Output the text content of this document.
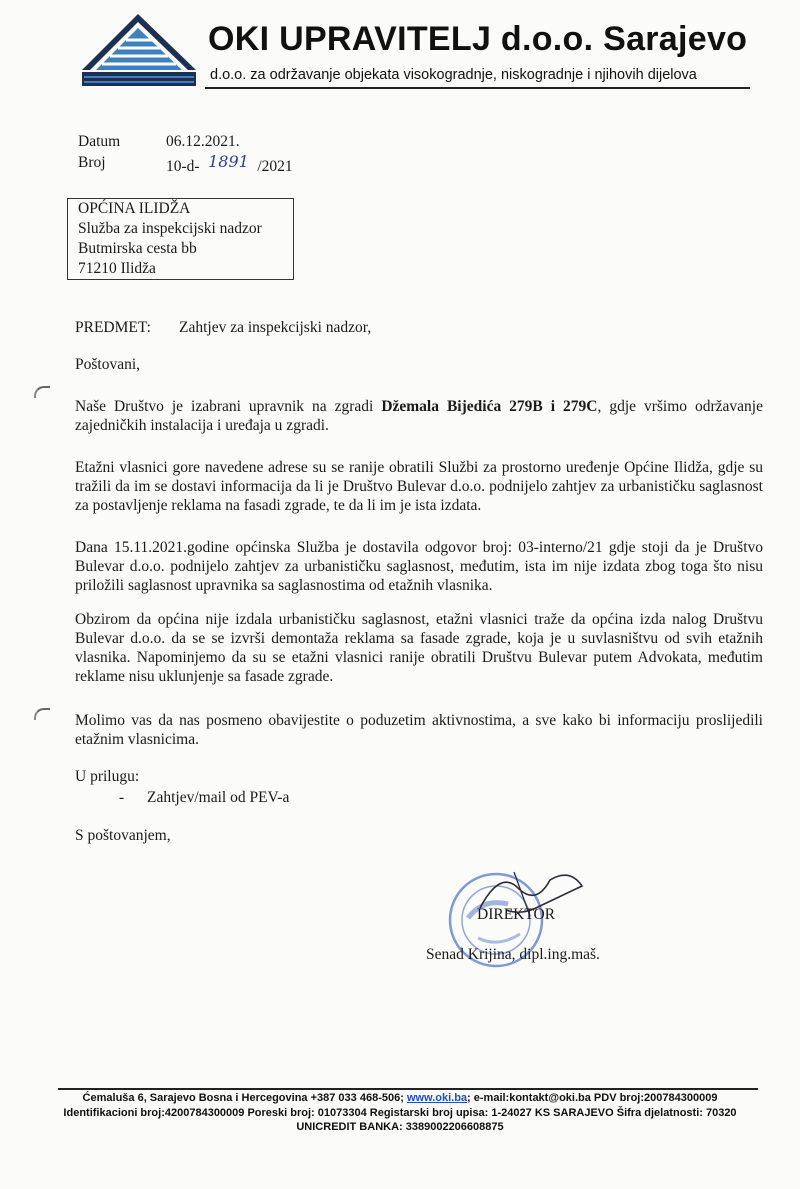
OKI UPRAVITELJ d.o.o. Sarajevo
d.o.o. za održavanje objekata visokogradnje, niskogradnje i njihovih dijelova
Datum	06.12.2021.
Broj	10-d- 1891 /2021
OPĆINA ILIDŽA
Služba za inspekcijski nadzor
Butmirska cesta bb
71210 Ilidža
PREDMET: Zahtjev za inspekcijski nadzor,
Poštovani,
Naše Društvo je izabrani upravnik na zgradi Džemala Bijedića 279B i 279C, gdje vršimo održavanje zajedničkih instalacija i uređaja u zgradi.
Etažni vlasnici gore navedene adrese su se ranije obratili Službi za prostorno uređenje Općine Ilidža, gdje su tražili da im se dostavi informacija da li je Društvo Bulevar d.o.o. podnijelo zahtjev za urbanističku saglasnost za postavljenje reklama na fasadi zgrade, te da li im je ista izdata.
Dana 15.11.2021.godine općinska Služba je dostavila odgovor broj: 03-interno/21 gdje stoji da je Društvo Bulevar d.o.o. podnijelo zahtjev za urbanističku saglasnost, međutim, ista im nije izdata zbog toga što nisu priložili saglasnost upravnika sa saglasnostima od etažnih vlasnika.
Obzirom da općina nije izdala urbanističku saglasnost, etažni vlasnici traže da općina izda nalog Društvu Bulevar d.o.o. da se se izvrši demontaža reklama sa fasade zgrade, koja je u suvlasništvu od svih etažnih vlasnika. Napominjemo da su se etažni vlasnici ranije obratili Društvu Bulevar putem Advokata, međutim reklame nisu uklunjenje sa fasade zgrade.
Molimo vas da nas posmeno obavijestite o poduzetim aktivnostima, a sve kako bi informaciju proslijedili etažnim vlasnicima.
U prilugu:
- Zahtjev/mail od PEV-a
S poštovanjem,
DIREKTOR
Senad Krijina, dipl.ing.maš.
Ćemaluša 6, Sarajevo Bosna i Hercegovina +387 033 468-506; www.oki.ba; e-mail:kontakt@oki.ba PDV broj:200784300009
Identifikacioni broj:4200784300009 Poreski broj: 01073304 Registarski broj upisa: 1-24027 KS SARAJEVO Šifra djelatnosti: 70320
UNICREDIT BANKA: 3389002206608875
